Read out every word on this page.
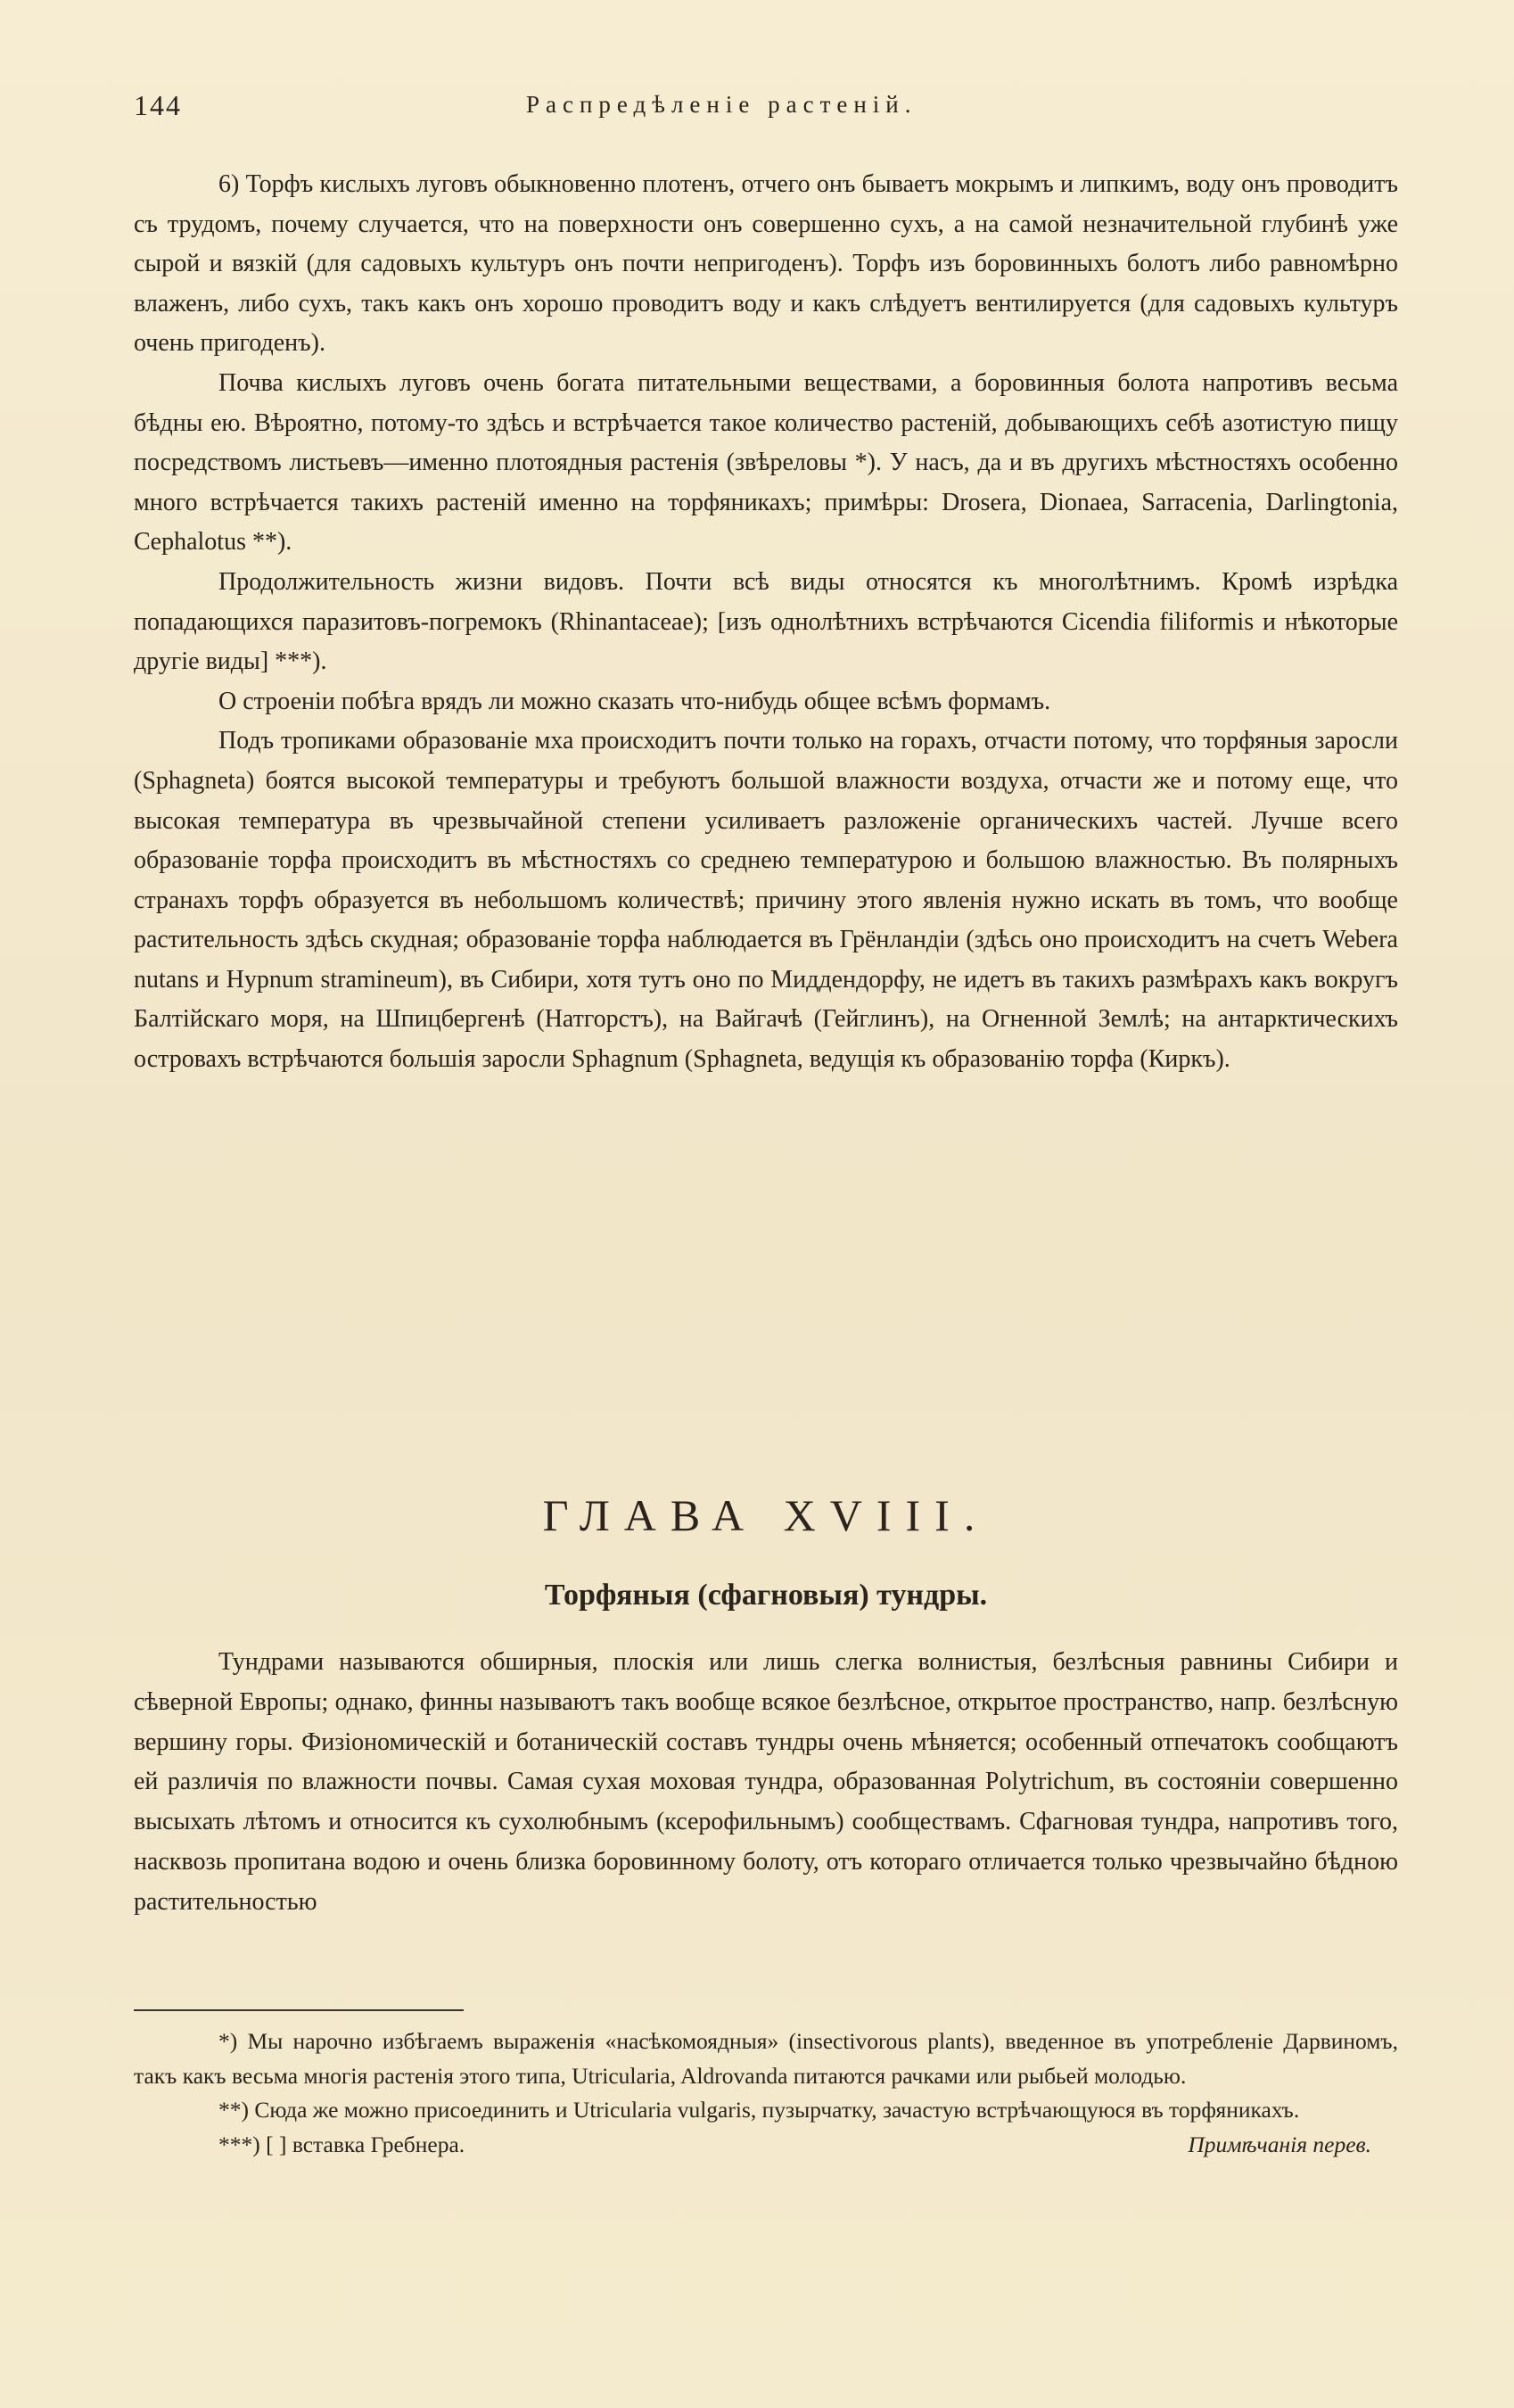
144	Распредѣленіе растеній.

6) Торфъ кислыхъ луговъ обыкновенно плотенъ, отчего онъ бываетъ мокрымъ и липкимъ, воду онъ проводитъ съ трудомъ, почему случается, что на поверхности онъ совершенно сухъ, а на самой незначительной глубинѣ уже сырой и вязкій (для садовыхъ культуръ онъ почти непригоденъ). Торфъ изъ боровинныхъ болотъ либо равномѣрно влаженъ, либо сухъ, такъ какъ онъ хорошо проводитъ воду и какъ слѣдуетъ вентилируется (для садовыхъ культуръ очень пригоденъ).

Почва кислыхъ луговъ очень богата питательными веществами, а боровинныя болота напротивъ весьма бѣдны ею. Вѣроятно, потому-то здѣсь и встрѣчается такое количество растеній, добывающихъ себѣ азотистую пищу посредствомъ листьевъ—именно плотоядныя растенія (звѣреловы *). У насъ, да и въ другихъ мѣстностяхъ особенно много встрѣчается такихъ растеній именно на торфяникахъ; примѣры: Drosera, Dionaea, Sarracenia, Darlingtonia, Cephalotus **).

Продолжительность жизни видовъ. Почти всѣ виды относятся къ многолѣтнимъ. Кромѣ изрѣдка попадающихся паразитовъ-погремокъ (Rhinantaceae); [изъ однолѣтнихъ встрѣчаются Cicendia filiformis и нѣкоторые другіе виды] ***).

О строеніи побѣга врядъ ли можно сказать что-нибудь общее всѣмъ формамъ.

Подъ тропиками образованіе мха происходитъ почти только на горахъ, отчасти потому, что торфяныя заросли (Sphagneta) боятся высокой температуры и требуютъ большой влажности воздуха, отчасти же и потому еще, что высокая температура въ чрезвычайной степени усиливаетъ разложеніе органическихъ частей. Лучше всего образованіе торфа происходитъ въ мѣстностяхъ со среднею температурою и большою влажностью. Въ полярныхъ странахъ торфъ образуется въ небольшомъ количествѣ; причину этого явленія нужно искать въ томъ, что вообще растительность здѣсь скудная; образованіе торфа наблюдается въ Грёнландіи (здѣсь оно происходитъ на счетъ Webera nutans и Hypnum stramineum), въ Сибири, хотя тутъ оно по Миддендорфу, не идетъ въ такихъ размѣрахъ какъ вокругъ Балтійскаго моря, на Шпицбергенѣ (Натгорстъ), на Вайгачѣ (Гейглинъ), на Огненной Землѣ; на антарктическихъ островахъ встрѣчаются большія заросли Sphagnum (Sphagneta, ведущія къ образованію торфа (Киркъ).

ГЛАВА XVIII.
Торфяныя (сфагновыя) тундры.

Тундрами называются обширныя, плоскія или лишь слегка волнистыя, безлѣсныя равнины Сибири и сѣверной Европы; однако, финны называютъ такъ вообще всякое безлѣсное, открытое пространство, напр. безлѣсную вершину горы. Физіономическій и ботаническій составъ тундры очень мѣняется; особенный отпечатокъ сообщаютъ ей различія по влажности почвы. Самая сухая моховая тундра, образованная Polytrichum, въ состояніи совершенно высыхать лѣтомъ и относится къ сухолюбнымъ (ксерофильнымъ) сообществамъ. Сфагновая тундра, напротивъ того, насквозь пропитана водою и очень близка боровинному болоту, отъ котораго отличается только чрезвычайно бѣдною растительностью

*) Мы нарочно избѣгаемъ выраженія «насѣкомоядныя» (insectivorous plants), введенное въ употребленіе Дарвиномъ, такъ какъ весьма многія растенія этого типа, Utricularia, Aldrovanda питаются рачками или рыбьей молодью.

**) Сюда же можно присоединить и Utricularia vulgaris, пузырчатку, зачастую встрѣчающуюся въ торфяникахъ.
Примѣчанія перев.

***) [ ] вставка Гребнера.
